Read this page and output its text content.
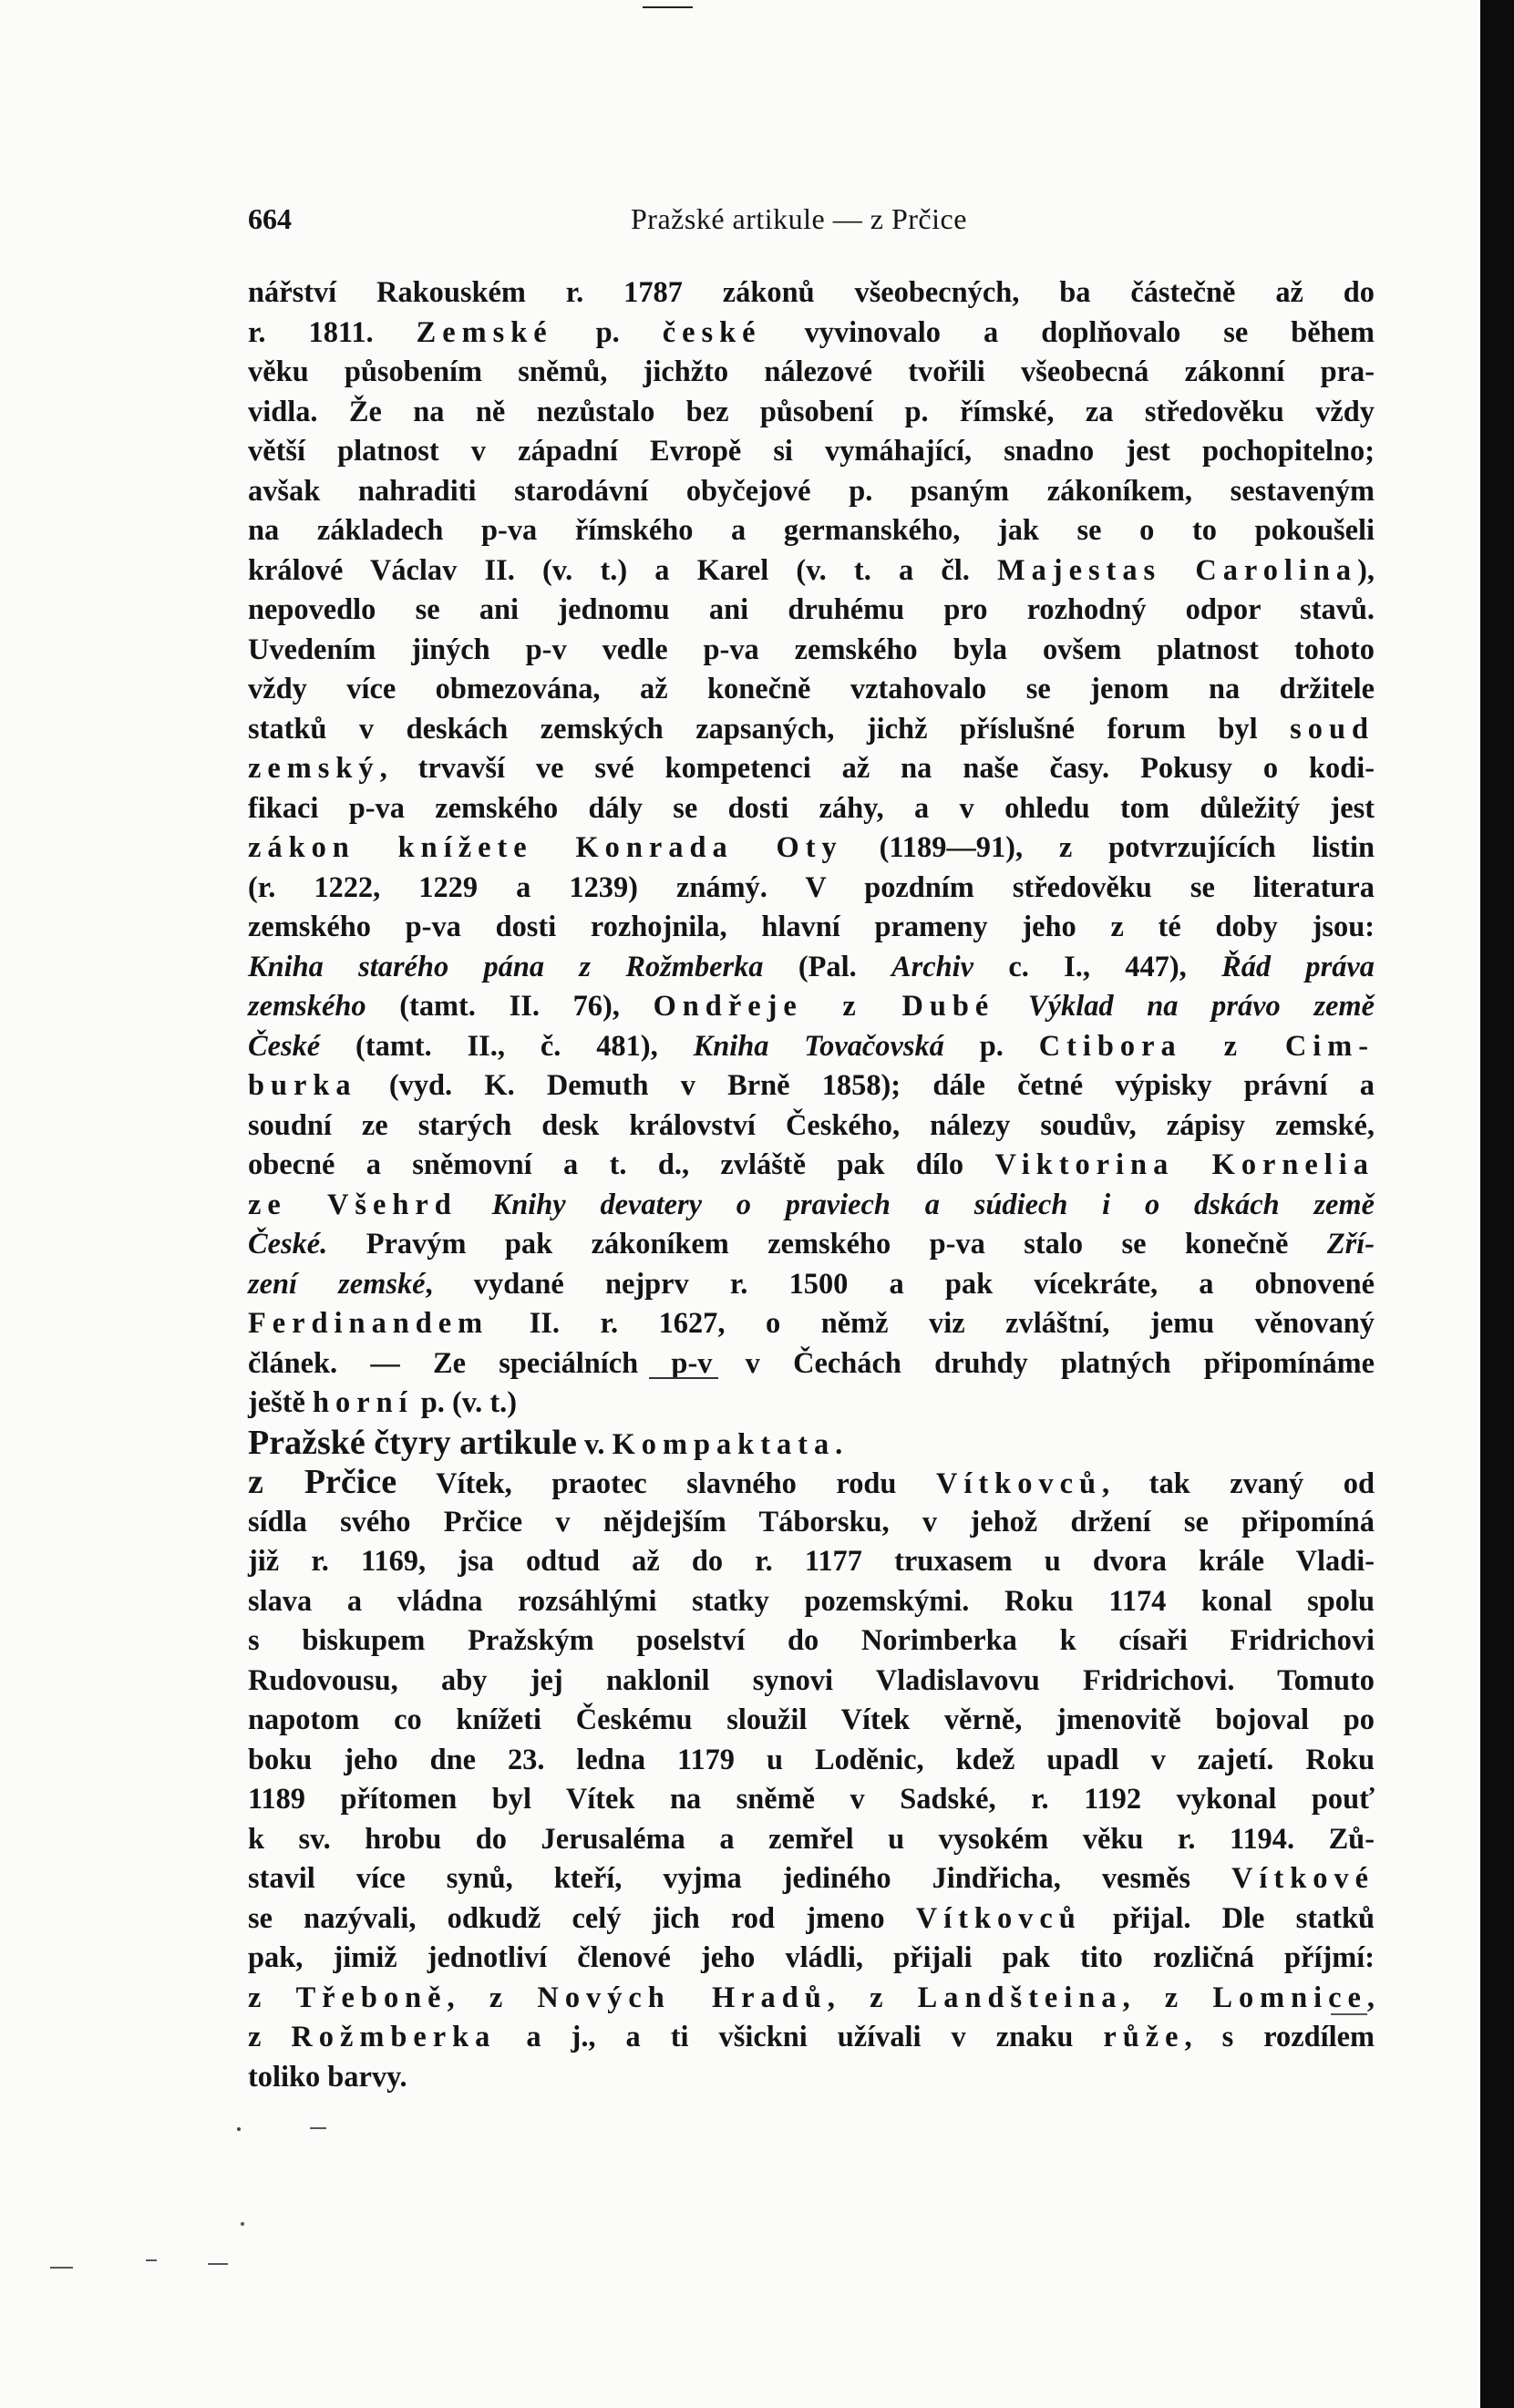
664	Pražské artikule — z Prčice
nářství Rakouském r. 1787 zákonů všeobecných, ba částečně až do
r. 1811. Zemské p. české vyvinovalo a doplňovalo se během
věku působením sněmů, jichžto nálezové tvořili všeobecná zákonní pra-
vidla. Že na ně nezůstalo bez působení p. římské, za středověku vždy
větší platnost v západní Evropě si vymáhající, snadno jest pochopitelno;
avšak nahraditi starodávní obyčejové p. psaným zákoníkem, sestaveným
na základech p-va římského a germanského, jak se o to pokoušeli
králové Václav II. (v. t.) a Karel (v. t. a čl. Majestas Carolina),
nepovedlo se ani jednomu ani druhému pro rozhodný odpor stavů.
Uvedením jiných p-v vedle p-va zemského byla ovšem platnost tohoto
vždy více obmezována, až konečně vztahovalo se jenom na držitele
statků v deskách zemských zapsaných, jichž příslušné forum byl soud
zemský, trvavší ve své kompetenci až na naše časy. Pokusy o kodi-
fikaci p-va zemského dály se dosti záhy, a v ohledu tom důležitý jest
zákon knížete Konrada Oty (1189—91), z potvrzujících listin
(r. 1222, 1229 a 1239) známý. V pozdním středověku se literatura
zemského p-va dosti rozhojnila, hlavní prameny jeho z té doby jsou:
Kniha starého pána z Rožmberka (Pal. Archiv c. I., 447), Řád práva
zemského (tamt. II. 76), Ondřeje z Dubé Výklad na právo země
České (tamt. II., č. 481), Kniha Tovačovská p. Ctibora z Cim-
burka (vyd. K. Demuth v Brně 1858); dále četné výpisky právní a
soudní ze starých desk království Českého, nálezy soudův, zápisy zemské,
obecné a sněmovní a t. d., zvláště pak dílo Viktorina Kornelia
ze Všehrd Knihy devatery o praviech a súdiech i o dskách země
České. Pravým pak zákoníkem zemského p-va stalo se konečně Zří-
zení zemské, vydané nejprv r. 1500 a pak vícekráte, a obnovené
Ferdinandem II. r. 1627, o němž viz zvláštní, jemu věnovaný
článek. — Ze speciálních p-v v Čechách druhdy platných připomínáme
ještě horní p. (v. t.)
Pražské čtyry artikule v. Kompaktata.
z Prčice Vítek, praotec slavného rodu Vítkovců, tak zvaný od
sídla svého Prčice v nějdejším Táborsku, v jehož držení se připomíná
již r. 1169, jsa odtud až do r. 1177 truxasem u dvora krále Vladi-
slava a vládna rozsáhlými statky pozemskými. Roku 1174 konal spolu
s biskupem Pražským poselství do Norimberka k císaři Fridrichovi
Rudovousu, aby jej naklonil synovi Vladislavovu Fridrichovi. Tomuto
napotom co knížeti Českému sloužil Vítek věrně, jmenovitě bojoval po
boku jeho dne 23. ledna 1179 u Loděnic, kdež upadl v zajetí. Roku
1189 přítomen byl Vítek na sněmě v Sadské, r. 1192 vykonal pouť
k sv. hrobu do Jerusaléma a zemřel u vysokém věku r. 1194. Zů-
stavil více synů, kteří, vyjma jediného Jindřicha, vesměs Vítkové
se nazývali, odkudž celý jich rod jmeno Vítkovců přijal. Dle statků
pak, jimiž jednotliví členové jeho vládli, přijali pak tito rozličná příjmí:
z Třeboně, z Nových Hradů, z Landšteina, z Lomnice,
z Rožmberka a j., a ti všickni užívali v znaku růže, s rozdílem
toliko barvy.
